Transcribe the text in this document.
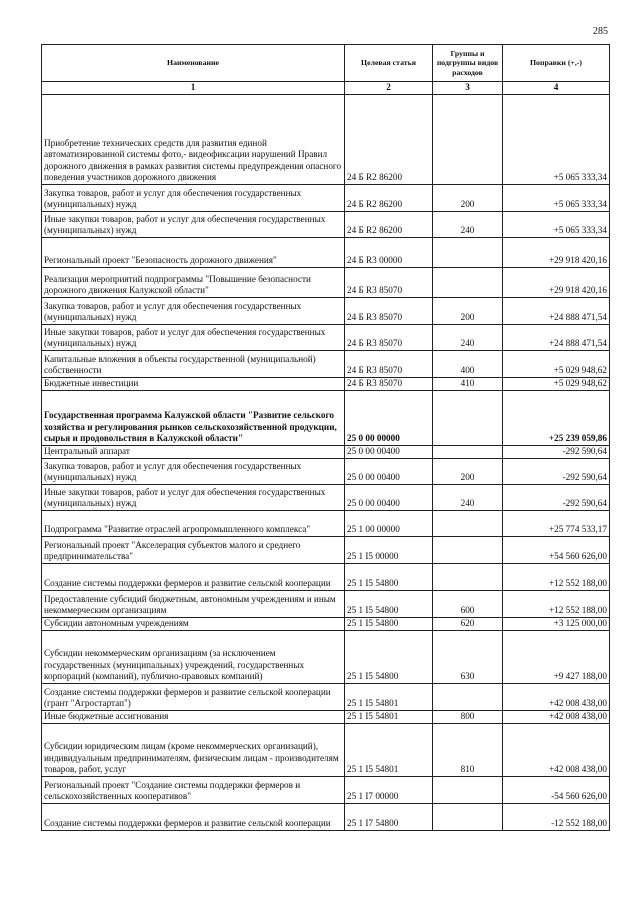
285
Наименование	Целевая статья	Группы и подгруппы видов расходов	Поправки (+,-)
1	2	3	4
Приобретение технических средств для развития единой автоматизированной системы фото,- видеофиксации нарушений Правил дорожного движения в рамках развития системы предупреждения опасного поведения участников дорожного движения	24 Б R2 86200		+5 065 333,34
Закупка товаров, работ и услуг для обеспечения государственных (муниципальных) нужд	24 Б R2 86200	200	+5 065 333,34
Иные закупки товаров, работ и услуг для обеспечения государственных (муниципальных) нужд	24 Б R2 86200	240	+5 065 333,34
Региональный проект "Безопасность дорожного движения"	24 Б R3 00000		+29 918 420,16
Реализация мероприятий подпрограммы "Повышение безопасности дорожного движения Калужской области"	24 Б R3 85070		+29 918 420,16
Закупка товаров, работ и услуг для обеспечения государственных (муниципальных) нужд	24 Б R3 85070	200	+24 888 471,54
Иные закупки товаров, работ и услуг для обеспечения государственных (муниципальных) нужд	24 Б R3 85070	240	+24 888 471,54
Капитальные вложения в объекты государственной (муниципальной) собственности	24 Б R3 85070	400	+5 029 948,62
Бюджетные инвестиции	24 Б R3 85070	410	+5 029 948,62
Государственная программа Калужской области "Развитие сельского хозяйства и регулирования рынков сельскохозяйственной продукции, сырья и продовольствия в Калужской области"	25 0 00 00000		+25 239 059,86
Центральный аппарат	25 0 00 00400		-292 590,64
Закупка товаров, работ и услуг для обеспечения государственных (муниципальных) нужд	25 0 00 00400	200	-292 590,64
Иные закупки товаров, работ и услуг для обеспечения государственных (муниципальных) нужд	25 0 00 00400	240	-292 590,64
Подпрограмма "Развитие отраслей агропромышленного комплекса"	25 1 00 00000		+25 774 533,17
Региональный проект "Акселерация субъектов малого и среднего предпринимательства"	25 1 I5 00000		+54 560 626,00
Создание системы поддержки фермеров и развитие сельской кооперации	25 1 I5 54800		+12 552 188,00
Предоставление субсидий бюджетным, автономным учреждениям и иным некоммерческим организациям	25 1 I5 54800	600	+12 552 188,00
Субсидии автономным учреждениям	25 1 I5 54800	620	+3 125 000,00
Субсидии некоммерческим организациям (за исключением государственных (муниципальных) учреждений, государственных корпораций (компаний), публично-правовых компаний)	25 1 I5 54800	630	+9 427 188,00
Создание системы поддержки фермеров и развитие сельской кооперации (грант "Агростартап")	25 1 I5 54801		+42 008 438,00
Иные бюджетные ассигнования	25 1 I5 54801	800	+42 008 438,00
Субсидии юридическим лицам (кроме некоммерческих организаций), индивидуальным предпринимателям, физическим лицам - производителям товаров, работ, услуг	25 1 I5 54801	810	+42 008 438,00
Региональный проект "Создание системы поддержки фермеров и сельскохозяйственных кооперативов"	25 1 I7 00000		-54 560 626,00
Создание системы поддержки фермеров и развитие сельской кооперации	25 1 I7 54800		-12 552 188,00
